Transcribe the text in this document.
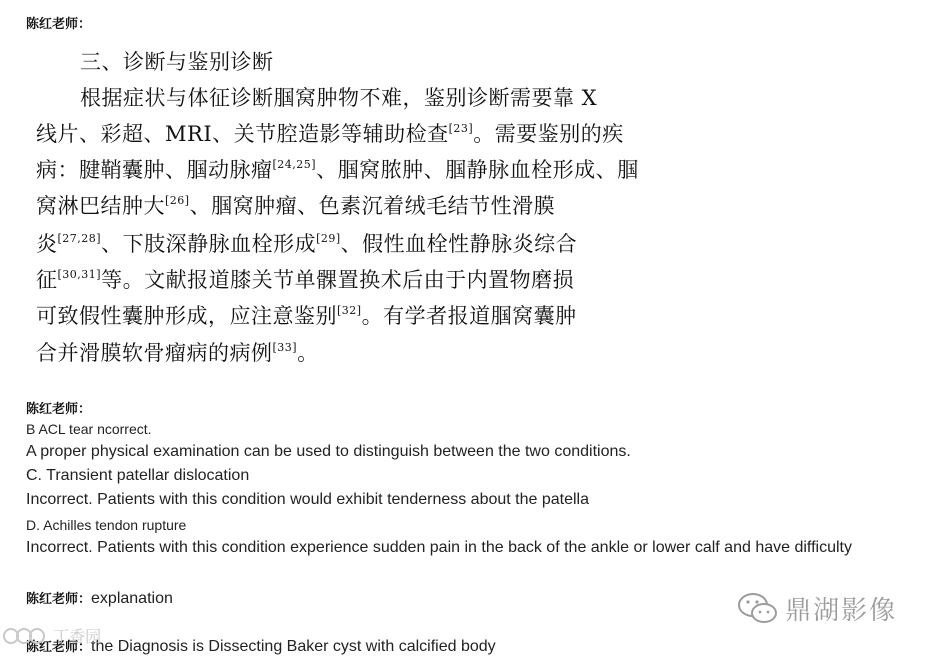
陈红老师：
三、诊断与鉴别诊断
根据症状与体征诊断腘窝肿物不难，鉴别诊断需要靠 X
线片、彩超、MRI、关节腔造影等辅助检查[23]。需要鉴别的疾
病：腱鞘囊肿、腘动脉瘤[24,25]、腘窝脓肿、腘静脉血栓形成、腘
窝淋巴结肿大[26]、腘窝肿瘤、色素沉着绒毛结节性滑膜
炎[27,28]、下肢深静脉血栓形成[29]、假性血栓性静脉炎综合
征[30,31]等。文献报道膝关节单髁置换术后由于内置物磨损
可致假性囊肿形成，应注意鉴别[32]。有学者报道腘窝囊肿
合并滑膜软骨瘤病的病例[33]。
陈红老师：
B ACL tear ncorrect.
A proper physical examination can be used to distinguish between the two conditions.
C. Transient patellar dislocation
Incorrect. Patients with this condition would exhibit tenderness about the patella
D. Achilles tendon rupture
Incorrect. Patients with this condition experience sudden pain in the back of the ankle or lower calf and have difficulty
陈红老师：explanation
陈红老师：the Diagnosis is Dissecting Baker cyst with calcified body
鼎湖影像
丁香园
